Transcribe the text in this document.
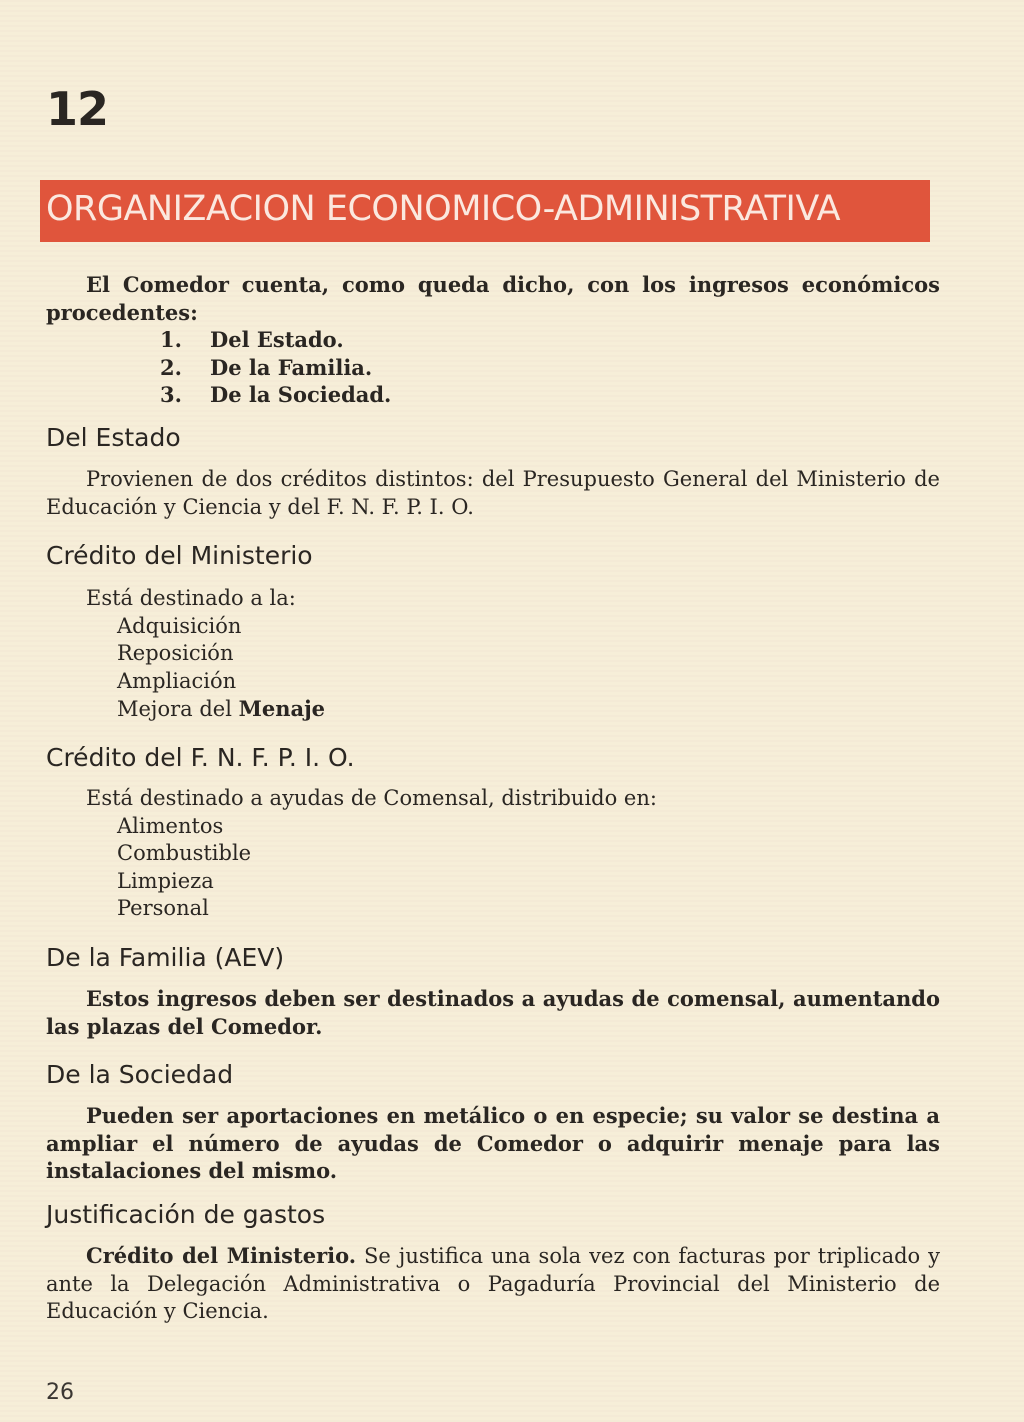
12
ORGANIZACION ECONOMICO-ADMINISTRATIVA

El Comedor cuenta, como queda dicho, con los ingresos económicos procedentes:

1. Del Estado.
2. De la Familia.
3. De la Sociedad.
Del Estado

Provienen de dos créditos distintos: del Presupuesto General del Ministerio de Educación y Ciencia y del F. N. F. P. I. O.

Crédito del Ministerio

Está destinado a la:

Adquisición
Reposición
Ampliación
Mejora del Menaje
Crédito del F. N. F. P. I. O.

Está destinado a ayudas de Comensal, distribuido en:

Alimentos
Combustible
Limpieza
Personal
De la Familia (AEV)

Estos ingresos deben ser destinados a ayudas de comensal, aumentando las plazas del Comedor.

De la Sociedad

Pueden ser aportaciones en metálico o en especie; su valor se destina a ampliar el número de ayudas de Comedor o adquirir menaje para las instalaciones del mismo.

Justificación de gastos

Crédito del Ministerio. Se justifica una sola vez con facturas por triplicado y ante la Delegación Administrativa o Pagaduría Provincial del Ministerio de Educación y Ciencia.

26
